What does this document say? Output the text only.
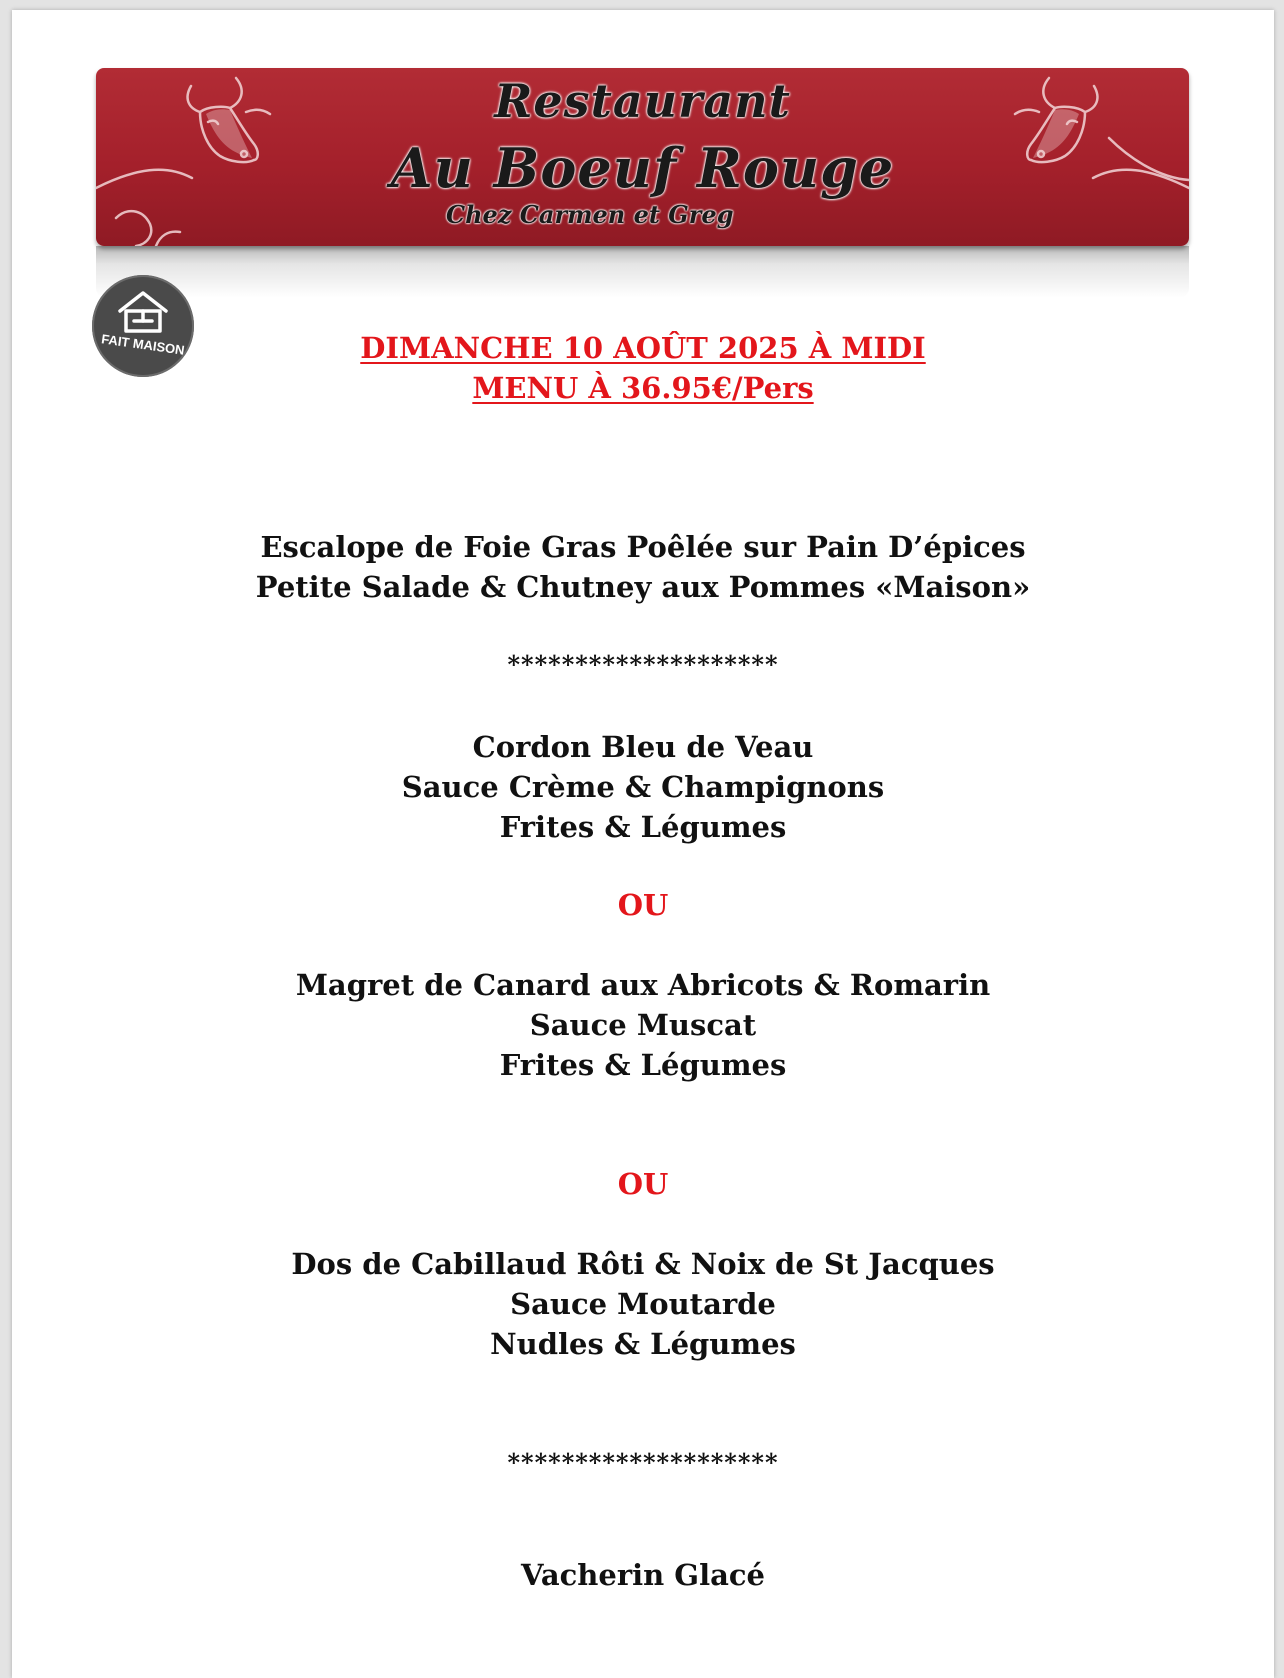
Restaurant
Au Boeuf Rouge
Chez Carmen et Greg
FAIT MAISON	DIMANCHE 10 AOÛT 2025 À MIDI
MENU À 36.95€/Pers
Escalope de Foie Gras Poêlée sur Pain D’épices
Petite Salade & Chutney aux Pommes «Maison»
********************
Cordon Bleu de Veau
Sauce Crème & Champignons
Frites & Légumes
OU
Magret de Canard aux Abricots & Romarin
Sauce Muscat
Frites & Légumes
OU
Dos de Cabillaud Rôti & Noix de St Jacques
Sauce Moutarde
Nudles & Légumes
********************
Vacherin Glacé
